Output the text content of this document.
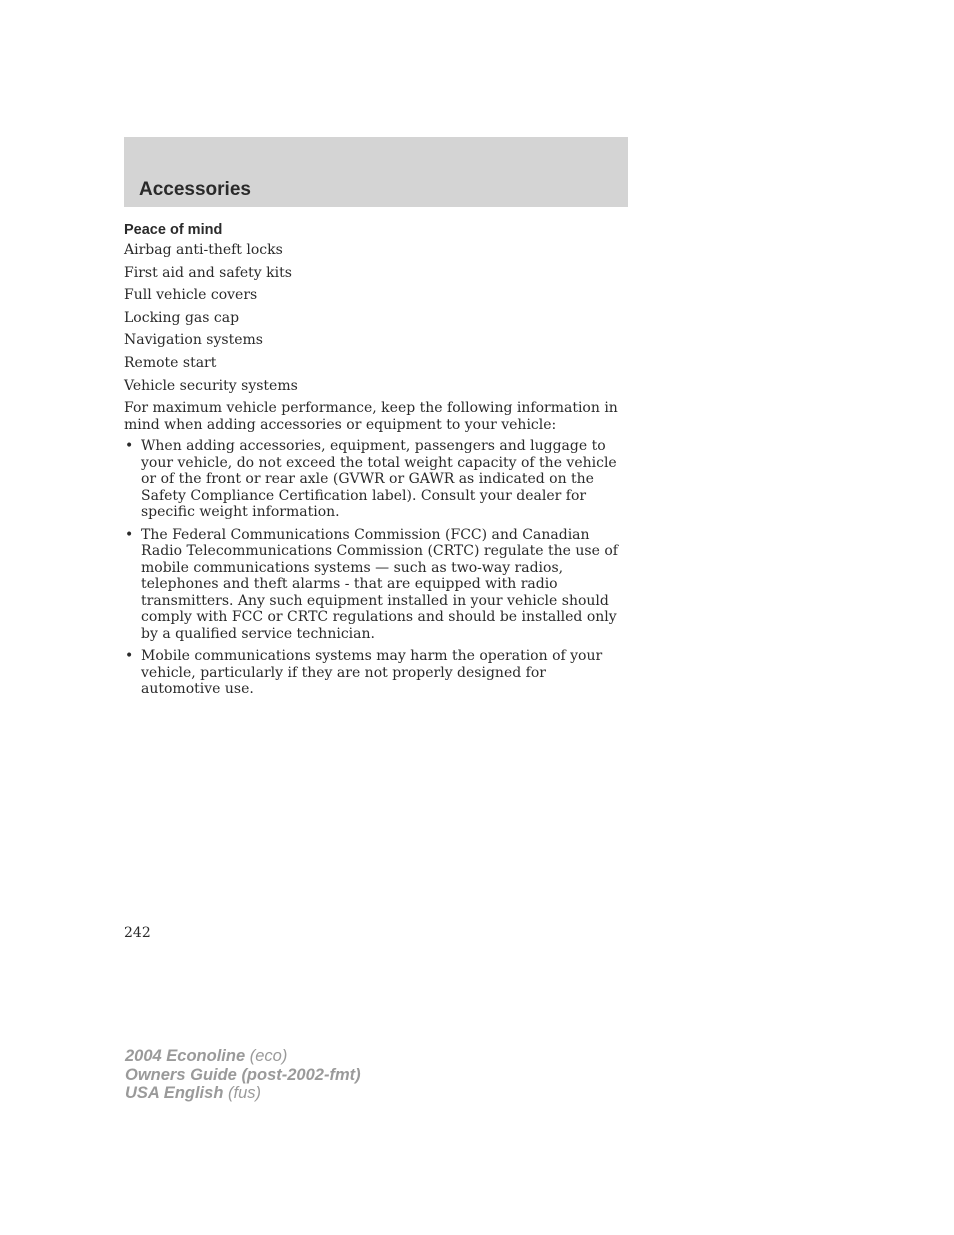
Accessories
Peace of mind
Airbag anti-theft locks
First aid and safety kits
Full vehicle covers
Locking gas cap
Navigation systems
Remote start
Vehicle security systems

For maximum vehicle performance, keep the following information in mind when adding accessories or equipment to your vehicle:

• When adding accessories, equipment, passengers and luggage to your vehicle, do not exceed the total weight capacity of the vehicle or of the front or rear axle (GVWR or GAWR as indicated on the Safety Compliance Certification label). Consult your dealer for specific weight information.
• The Federal Communications Commission (FCC) and Canadian Radio Telecommunications Commission (CRTC) regulate the use of mobile communications systems — such as two-way radios, telephones and theft alarms - that are equipped with radio transmitters. Any such equipment installed in your vehicle should comply with FCC or CRTC regulations and should be installed only by a qualified service technician.
• Mobile communications systems may harm the operation of your vehicle, particularly if they are not properly designed for automotive use.
242
2004 Econoline (eco)
Owners Guide (post-2002-fmt)
USA English (fus)
